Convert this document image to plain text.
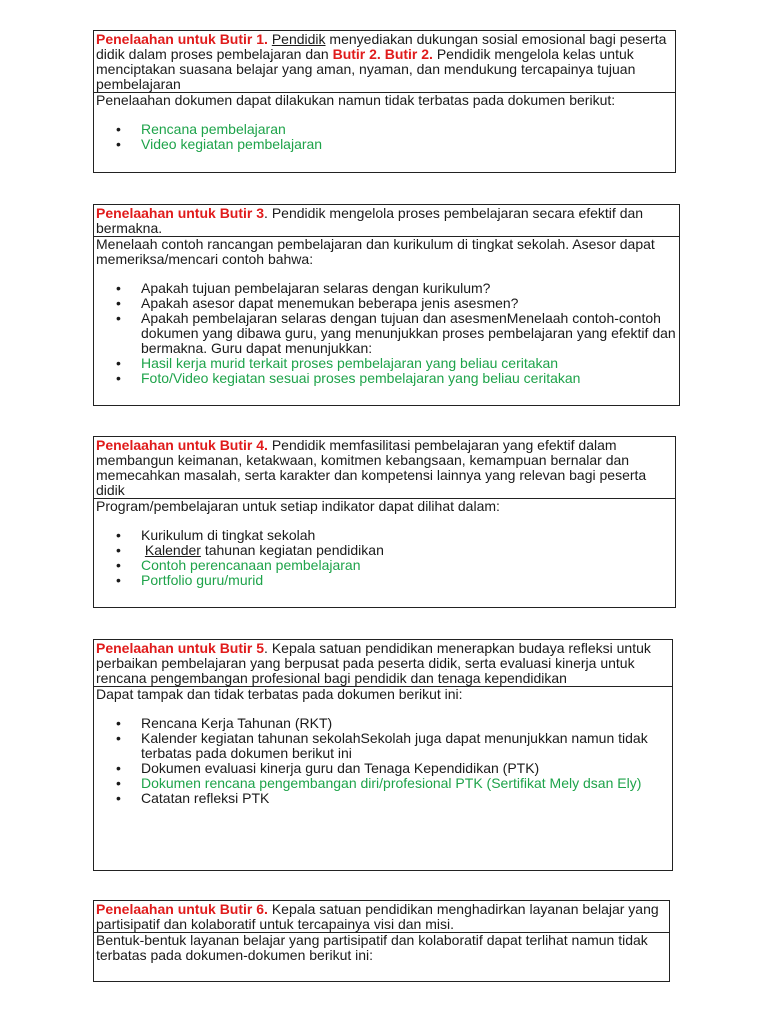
Penelaahan untuk Butir 1. Pendidik menyediakan dukungan sosial emosional bagi peserta didik dalam proses pembelajaran dan Butir 2. Butir 2. Pendidik mengelola kelas untuk menciptakan suasana belajar yang aman, nyaman, dan mendukung tercapainya tujuan pembelajaran
Penelaahan dokumen dapat dilakukan namun tidak terbatas pada dokumen berikut:
• Rencana pembelajaran
• Video kegiatan pembelajaran
Penelaahan untuk Butir 3. Pendidik mengelola proses pembelajaran secara efektif dan bermakna.
Menelaah contoh rancangan pembelajaran dan kurikulum di tingkat sekolah. Asesor dapat memeriksa/mencari contoh bahwa:
• Apakah tujuan pembelajaran selaras dengan kurikulum?
• Apakah asesor dapat menemukan beberapa jenis asesmen?
• Apakah pembelajaran selaras dengan tujuan dan asesmenMenelaah contoh-contoh dokumen yang dibawa guru, yang menunjukkan proses pembelajaran yang efektif dan bermakna. Guru dapat menunjukkan:
• Hasil kerja murid terkait proses pembelajaran yang beliau ceritakan
• Foto/Video kegiatan sesuai proses pembelajaran yang beliau ceritakan
Penelaahan untuk Butir 4. Pendidik memfasilitasi pembelajaran yang efektif dalam membangun keimanan, ketakwaan, komitmen kebangsaan, kemampuan bernalar dan memecahkan masalah, serta karakter dan kompetensi lainnya yang relevan bagi peserta didik
Program/pembelajaran untuk setiap indikator dapat dilihat dalam:
• Kurikulum di tingkat sekolah
• Kalender tahunan kegiatan pendidikan
• Contoh perencanaan pembelajaran
• Portfolio guru/murid
Penelaahan untuk Butir 5. Kepala satuan pendidikan menerapkan budaya refleksi untuk perbaikan pembelajaran yang berpusat pada peserta didik, serta evaluasi kinerja untuk rencana pengembangan profesional bagi pendidik dan tenaga kependidikan
Dapat tampak dan tidak terbatas pada dokumen berikut ini:
• Rencana Kerja Tahunan (RKT)
• Kalender kegiatan tahunan sekolahSekolah juga dapat menunjukkan namun tidak terbatas pada dokumen berikut ini
• Dokumen evaluasi kinerja guru dan Tenaga Kependidikan (PTK)
• Dokumen rencana pengembangan diri/profesional PTK (Sertifikat Mely dsan Ely)
• Catatan refleksi PTK
Penelaahan untuk Butir 6. Kepala satuan pendidikan menghadirkan layanan belajar yang partisipatif dan kolaboratif untuk tercapainya visi dan misi.
Bentuk-bentuk layanan belajar yang partisipatif dan kolaboratif dapat terlihat namun tidak terbatas pada dokumen-dokumen berikut ini:
